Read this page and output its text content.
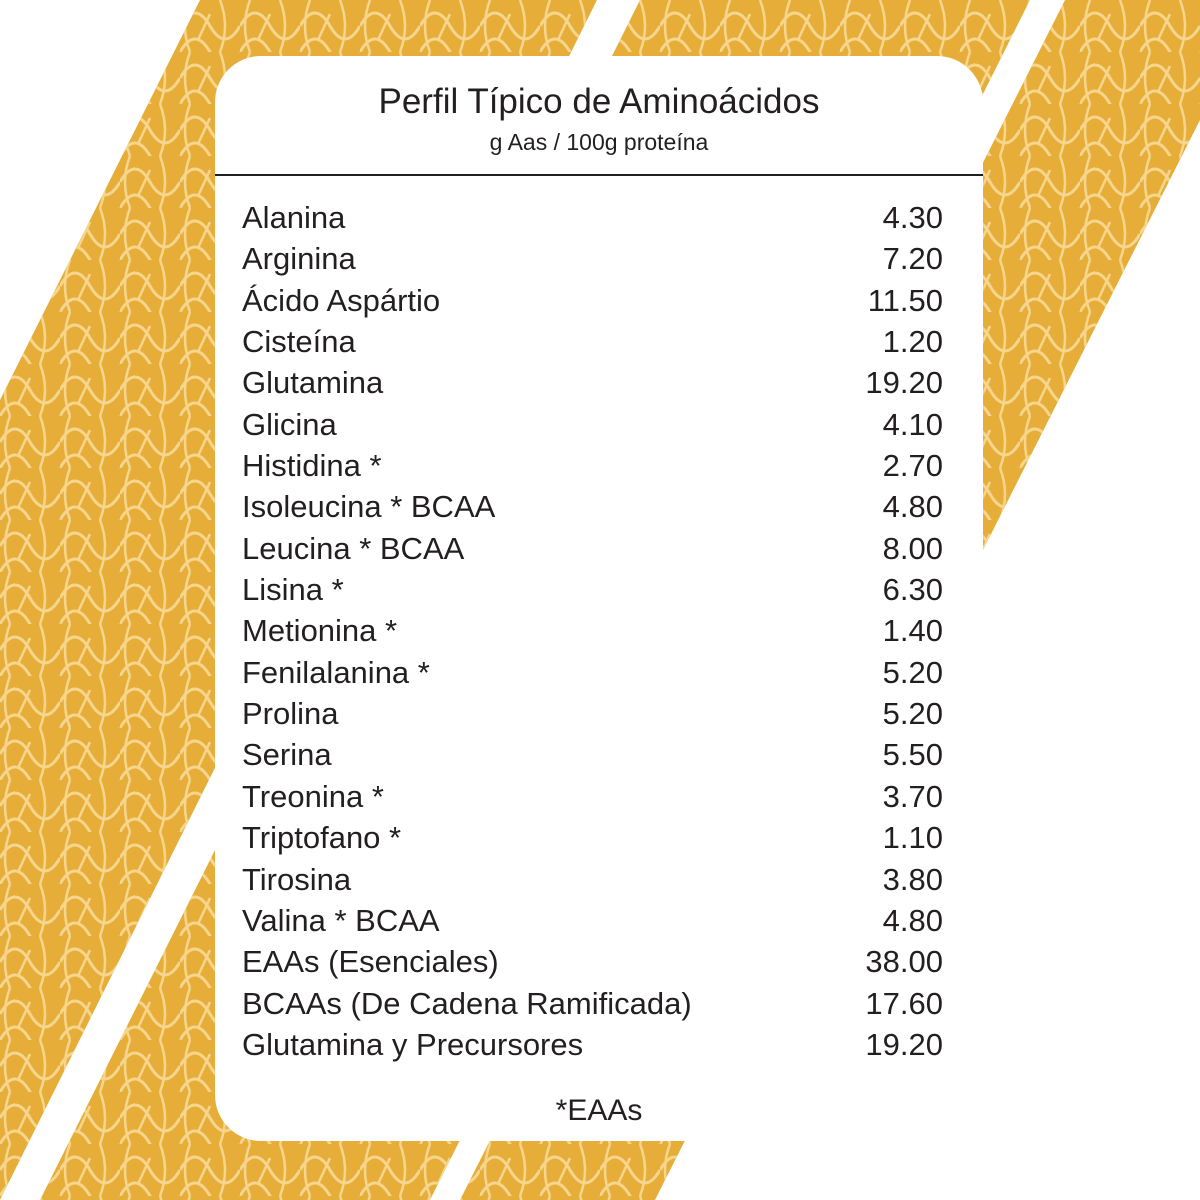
Perfil Típico de Aminoácidos
g Aas / 100g proteína
Alanina	4.30
Arginina	7.20
Ácido Aspártio	11.50
Cisteína	1.20
Glutamina	19.20
Glicina	4.10
Histidina *	2.70
Isoleucina * BCAA	4.80
Leucina * BCAA	8.00
Lisina *	6.30
Metionina *	1.40
Fenilalanina *	5.20
Prolina	5.20
Serina	5.50
Treonina *	3.70
Triptofano *	1.10
Tirosina	3.80
Valina * BCAA	4.80
EAAs (Esenciales)	38.00
BCAAs (De Cadena Ramificada)	17.60
Glutamina y Precursores	19.20
*EAAs
